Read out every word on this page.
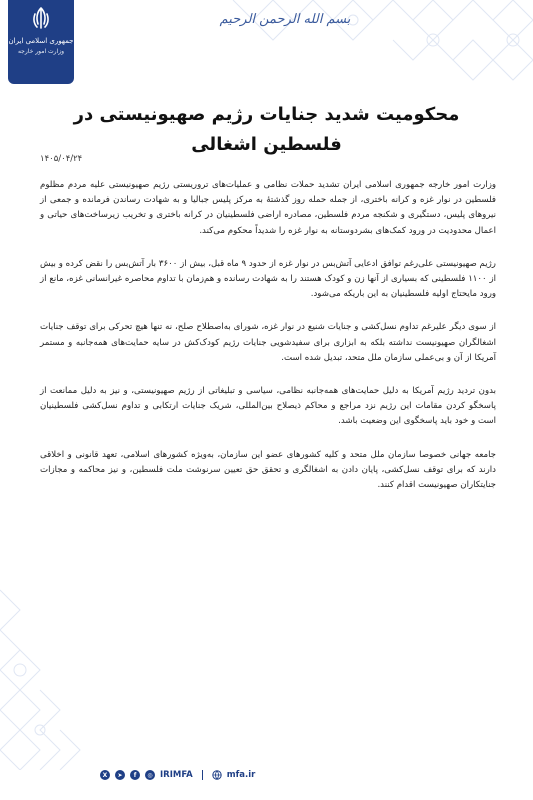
جمهوری اسلامی ایران
وزارت امور خارجه
بسم الله الرحمن الرحیم
محکومیت شدید جنایات رژیم صهیونیستی در فلسطین اشغالی
۱۴۰۵/۰۴/۲۴

وزارت امور خارجه جمهوری اسلامی ایران تشدید حملات نظامی و عملیات‌های تروریستی رژیم صهیونیستی علیه مردم مظلوم فلسطین در نوار غزه و کرانه باختری، از جمله حمله روز گذشتهٔ به مرکز پلیس جبالیا و به شهادت رساندن فرمانده و جمعی از نیروهای پلیس، دستگیری و شکنجه مردم فلسطین، مصادره اراضی فلسطینیان در کرانه باختری و تخریب زیرساخت‌های حیاتی و اعمال محدودیت در ورود کمک‌های بشردوستانه به نوار غزه را شدیداً محکوم می‌کند.

رژیم صهیونیستی علی‌رغم توافق ادعایی آتش‌بس در نوار غزه از حدود ۹ ماه قبل، بیش از ۳۶۰۰ بار آتش‌بس را نقض کرده و بیش از ۱۱۰۰ فلسطینی که بسیاری از آنها زن و کودک هستند را به شهادت رسانده و هم‌زمان با تداوم محاصره غیرانسانی غزه، مانع از ورود مایحتاج اولیه فلسطینیان به این باریکه می‌شود.

از سوی دیگر علیرغم تداوم نسل‌کشی و جنایات شنیع در نوار غزه، شورای به‌اصطلاح صلح، نه تنها هیچ تحرکی برای توقف جنایات اشغالگران صهیونیست نداشته بلکه به ابزاری برای سفیدشویی جنایات رژیم کودک‌کش در سایه حمایت‌های همه‌جانبه و مستمر آمریکا از آن و بی‌عملی سازمان ملل متحد، تبدیل شده است.

بدون تردید رژیم آمریکا به دلیل حمایت‌های همه‌جانبه نظامی، سیاسی و تبلیغاتی از رژیم صهیونیستی، و نیز به دلیل ممانعت از پاسخگو کردن مقامات این رژیم نزد مراجع و محاکم ذیصلاح بین‌المللی، شریک جنایات ارتکابی و تداوم نسل‌کشی فلسطینیان است و خود باید پاسخگوی این وضعیت باشد.

جامعه جهانی خصوصا سازمان ملل متحد و کلیه کشورهای عضو این سازمان، به‌ویژه کشورهای اسلامی، تعهد قانونی و اخلاقی دارند که برای توقف نسل‌کشی، پایان دادن به اشغالگری و تحقق حق تعیین سرنوشت ملت فلسطین، و نیز محاکمه و مجازات جنایتکاران صهیونیست اقدام کنند.

X	➤	f	◎ IRIMFA	mfa.ir
